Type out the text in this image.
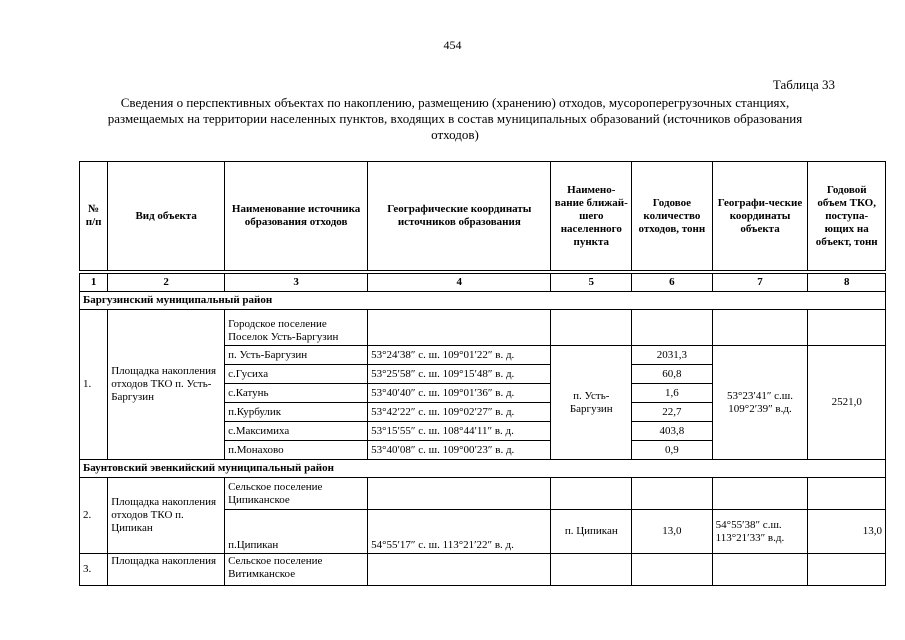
454
Таблица 33
Сведения о перспективных объектах по накоплению, размещению (хранению) отходов, мусороперегрузочных станциях, размещаемых на территории населенных пунктов, входящих в состав муниципальных образований (источников образования отходов)
№ п/п	Вид объекта	Наименование источника образования отходов	Географические координаты источников образования	Наимено-вание ближай-шего населенного пункта	Годовое количество отходов, тонн	Географи-ческие координаты объекта	Годовой объем ТКО, поступа-ющих на объект, тонн

1	2	3	4	5	6	7	8
Баргузинский муниципальный район							
1.	Площадка накопления отходов ТКО п. Усть-Баргузин	Городское поселение Поселок Усть-Баргузин					
		п. Усть-Баргузин	53°24′38″ с. ш. 109°01′22″ в. д.	п. Усть-Баргузин	2031,3	53°23′41″ с.ш. 109°2′39″ в.д.	2521,0
		с.Гусиха	53°25′58″ с. ш. 109°15′48″ в. д.		60,8		
		с.Катунь	53°40′40″ с. ш. 109°01′36″ в. д.		1,6		
		п.Курбулик	53°42′22″ с. ш. 109°02′27″ в. д.		22,7		
		с.Максимиха	53°15′55″ с. ш. 108°44′11″ в. д.		403,8		
		п.Монахово	53°40′08″ с. ш. 109°00′23″ в. д.		0,9		
Баунтовский эвенкийский муниципальный район							
2.	Площадка накопления отходов ТКО п. Ципикан	Сельское поселение Ципиканское					
		п.Ципикан	54°55′17″ с. ш. 113°21′22″ в. д.	п. Ципикан	13,0	54°55′38″ с.ш. 113°21′33″ в.д.	13,0
3.	Площадка накопления	Сельское поселение Витимканское					
